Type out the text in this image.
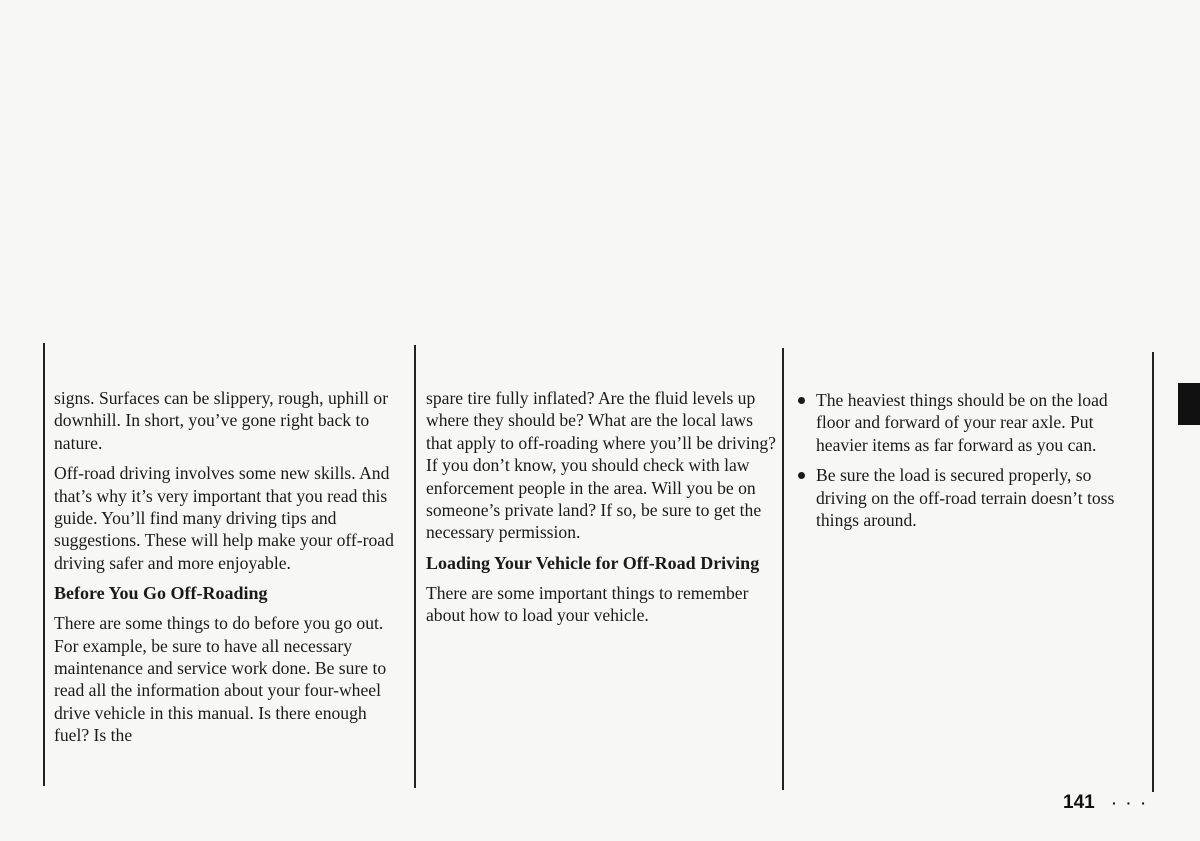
signs. Surfaces can be slippery, rough, uphill or downhill. In short, you’ve gone right back to nature.

Off-road driving involves some new skills. And that’s why it’s very important that you read this guide. You’ll find many driving tips and suggestions. These will help make your off-road driving safer and more enjoyable.

Before You Go Off-Roading

There are some things to do before you go out. For example, be sure to have all necessary maintenance and service work done. Be sure to read all the information about your four-wheel drive vehicle in this manual. Is there enough fuel? Is the

spare tire fully inflated? Are the fluid levels up where they should be? What are the local laws that apply to off-roading where you’ll be driving? If you don’t know, you should check with law enforcement people in the area. Will you be on someone’s private land? If so, be sure to get the necessary permission.

Loading Your Vehicle for Off-Road Driving

There are some important things to remember about how to load your vehicle.

The heaviest things should be on the load floor and forward of your rear axle. Put heavier items as far forward as you can.
Be sure the load is secured properly, so driving on the off-road terrain doesn’t toss things around.
141 · · ·
